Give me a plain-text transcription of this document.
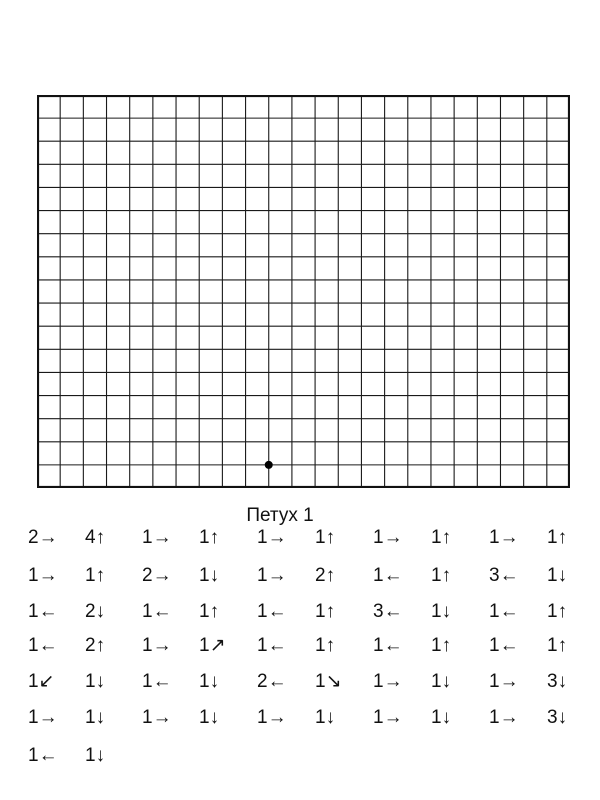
Петух 1
2→ 4↑ 1→ 1↑ 1→ 1↑ 1→ 1↑ 1→ 1↑
1→ 1↑ 2→ 1↓ 1→ 2↑ 1← 1↑ 3← 1↓
1← 2↓ 1← 1↑ 1← 1↑ 3← 1↓ 1← 1↑
1← 2↑ 1→ 1↗ 1← 1↑ 1← 1↑ 1← 1↑
1↙ 1↓ 1← 1↓ 2← 1↘ 1→ 1↓ 1→ 3↓
1→ 1↓ 1→ 1↓ 1→ 1↓ 1→ 1↓ 1→ 3↓
1← 1↓
